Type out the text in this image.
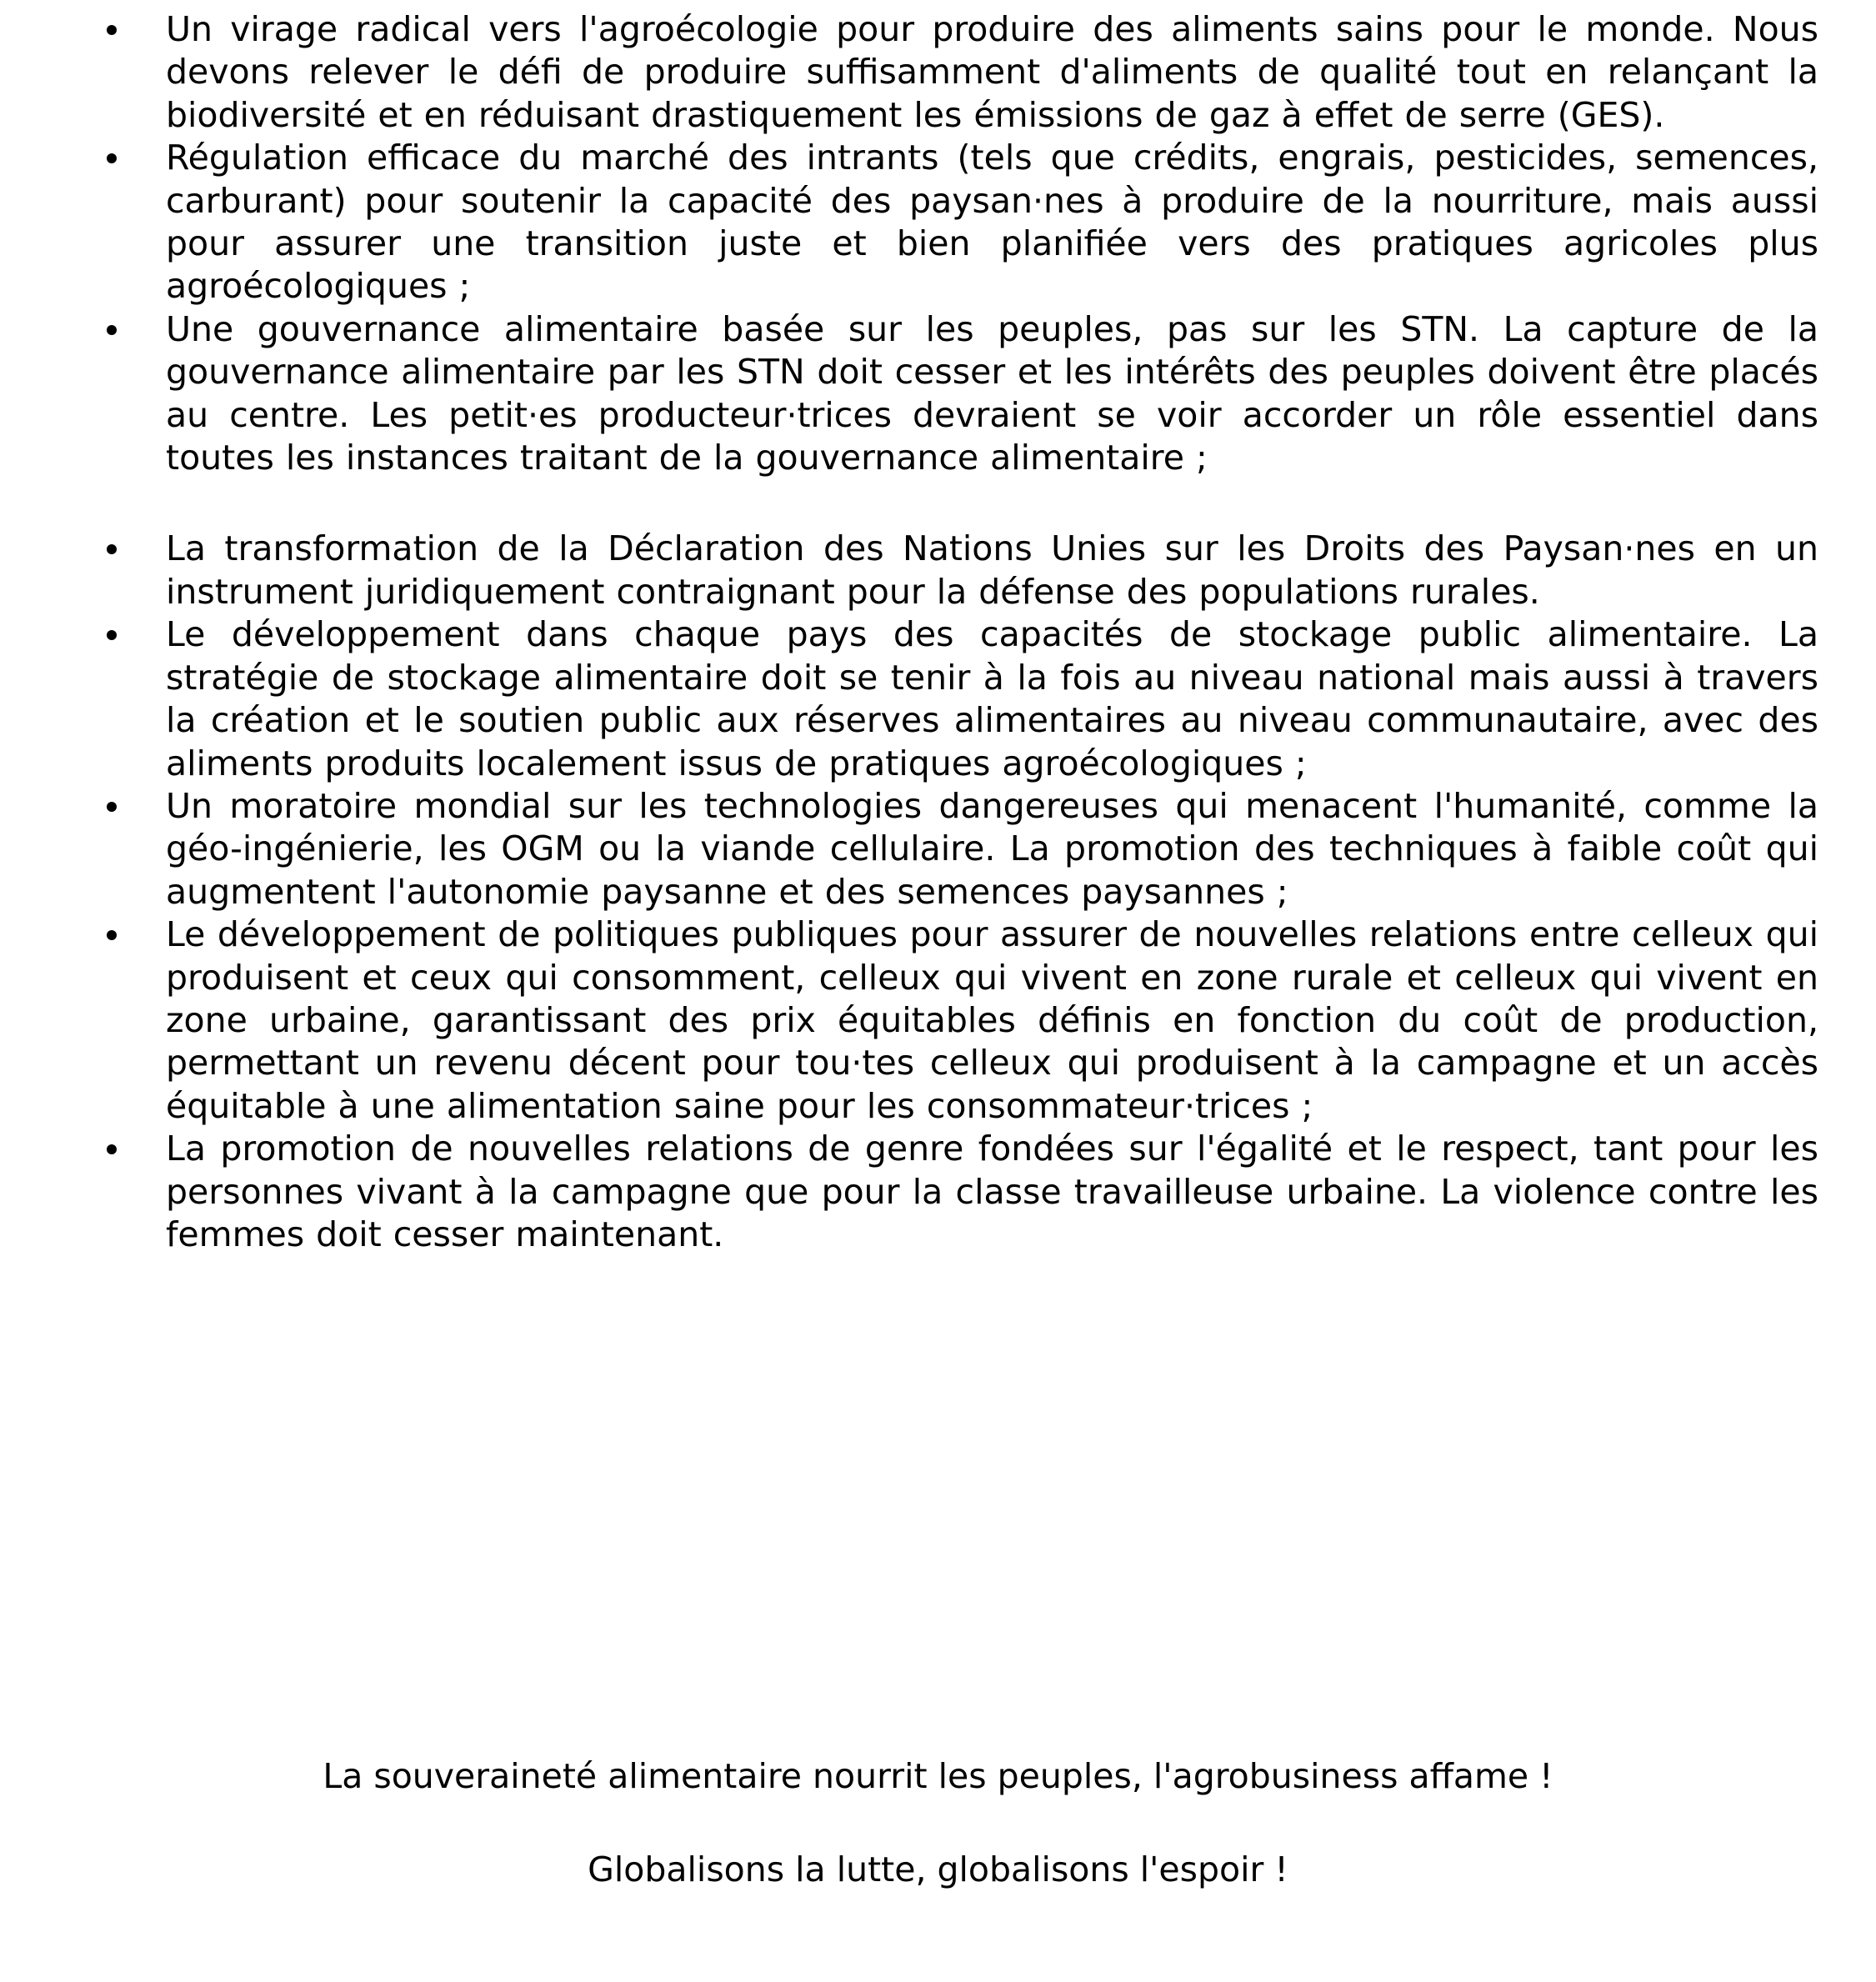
Un virage radical vers l'agroécologie pour produire des aliments sains pour le monde. Nous devons relever le défi de produire suffisamment d'aliments de qualité tout en relançant la biodiversité et en réduisant drastiquement les émissions de gaz à effet de serre (GES).
Régulation efficace du marché des intrants (tels que crédits, engrais, pesticides, semences, carburant) pour soutenir la capacité des paysan·nes à produire de la nourriture, mais aussi pour assurer une transition juste et bien planifiée vers des pratiques agricoles plus agroécologiques ;
Une gouvernance alimentaire basée sur les peuples, pas sur les STN. La capture de la gouvernance alimentaire par les STN doit cesser et les intérêts des peuples doivent être placés au centre. Les petit·es producteur·trices devraient se voir accorder un rôle essentiel dans toutes les instances traitant de la gouvernance alimentaire ;
La transformation de la Déclaration des Nations Unies sur les Droits des Paysan·nes en un instrument juridiquement contraignant pour la défense des populations rurales.
Le développement dans chaque pays des capacités de stockage public alimentaire. La stratégie de stockage alimentaire doit se tenir à la fois au niveau national mais aussi à travers la création et le soutien public aux réserves alimentaires au niveau communautaire, avec des aliments produits localement issus de pratiques agroécologiques ;
Un moratoire mondial sur les technologies dangereuses qui menacent l'humanité, comme la géo-ingénierie, les OGM ou la viande cellulaire. La promotion des techniques à faible coût qui augmentent l'autonomie paysanne et des semences paysannes ;
Le développement de politiques publiques pour assurer de nouvelles relations entre celleux qui produisent et ceux qui consomment, celleux qui vivent en zone rurale et celleux qui vivent en zone urbaine, garantissant des prix équitables définis en fonction du coût de production, permettant un revenu décent pour tou·tes celleux qui produisent à la campagne et un accès équitable à une alimentation saine pour les consommateur·trices ;
La promotion de nouvelles relations de genre fondées sur l'égalité et le respect, tant pour les personnes vivant à la campagne que pour la classe travailleuse urbaine. La violence contre les femmes doit cesser maintenant.
La souveraineté alimentaire nourrit les peuples, l'agrobusiness affame !
Globalisons la lutte, globalisons l'espoir !
